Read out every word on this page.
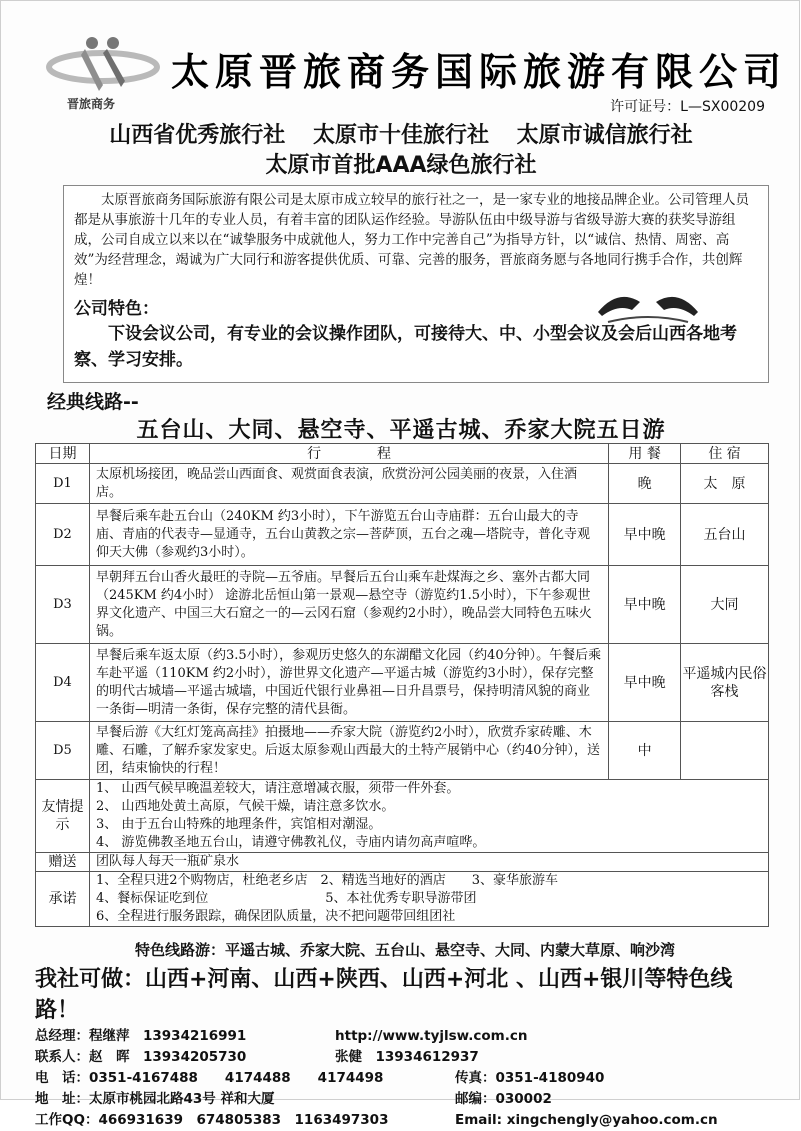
晋旅商务
太原晋旅商务国际旅游有限公司
许可证号：L—SX00209
山西省优秀旅行社 太原市十佳旅行社 太原市诚信旅行社
太原市首批AAA绿色旅行社
太原晋旅商务国际旅游有限公司是太原市成立较早的旅行社之一，是一家专业的地接品牌企业。公司管理人员都是从事旅游十几年的专业人员，有着丰富的团队运作经验。导游队伍由中级导游与省级导游大赛的获奖导游组成，公司自成立以来以在“诚挚服务中成就他人，努力工作中完善自己”为指导方针，以“诚信、热情、周密、高效”为经营理念，竭诚为广大同行和游客提供优质、可靠、完善的服务，晋旅商务愿与各地同行携手合作，共创辉煌！
公司特色：
下设会议公司，有专业的会议操作团队，可接待大、中、小型会议及会后山西各地考察、学习安排。
经典线路--
五台山、大同、悬空寺、平遥古城、乔家大院五日游
日期	行　　　　程	用 餐	住 宿
D1	太原机场接团，晚品尝山西面食、观赏面食表演，欣赏汾河公园美丽的夜景，入住酒店。	晚	太　原
D2	早餐后乘车赴五台山（240KM 约3小时），下午游览五台山寺庙群：五台山最大的寺庙、青庙的代表寺—显通寺，五台山黄教之宗—菩萨顶，五台之魂—塔院寺，普化寺观仰天大佛（参观约3小时）。	早中晚	五台山
D3	早朝拜五台山香火最旺的寺院—五爷庙。早餐后五台山乘车赴煤海之乡、塞外古都大同（245KM 约4小时） 途游北岳恒山第一景观—悬空寺（游览约1.5小时），下午参观世界文化遗产、中国三大石窟之一的—云冈石窟（参观约2小时），晚品尝大同特色五味火锅。	早中晚	大同
D4	早餐后乘车返太原（约3.5小时），参观历史悠久的东湖醋文化园（约40分钟）。午餐后乘车赴平遥（110KM 约2小时），游世界文化遗产—平遥古城（游览约3小时），保存完整的明代古城墙—平遥古城墙，中国近代银行业鼻祖—日升昌票号，保持明清风貌的商业一条街—明清一条街，保存完整的清代县衙。	早中晚	平遥城内民俗客栈
D5	早餐后游《大红灯笼高高挂》拍摄地——乔家大院（游览约2小时），欣赏乔家砖雕、木雕、石雕，了解乔家发家史。后返太原参观山西最大的土特产展销中心（约40分钟），送团，结束愉快的行程！	中	
友情提示	1、 山西气候早晚温差较大，请注意增减衣服，须带一件外套。
2、 山西地处黄土高原，气候干燥，请注意多饮水。
3、 由于五台山特殊的地理条件，宾馆相对潮湿。
4、 游览佛教圣地五台山，请遵守佛教礼仪，寺庙内请勿高声喧哗。		

赠送	团队每人每天一瓶矿泉水		
承诺	1、全程只进2个购物店，杜绝老乡店　2、精选当地好的酒店　　3、豪华旅游车
4、餐标保证吃到位　　　　　　　　　5、本社优秀专职导游带团
6、全程进行服务跟踪，确保团队质量，决不把问题带回组团社		
特色线路游：平遥古城、乔家大院、五台山、悬空寺、大同、内蒙大草原、响沙湾
我社可做：山西+河南、山西+陕西、山西+河北 、山西+银川等特色线路！
总经理：程继萍　13934216991	http://www.tyjlsw.com.cn
联系人：赵　晖　13934205730	张健　13934612937
电　话：0351-4167488　　4174488　　4174498	传真：0351-4180940
地　址：太原市桃园北路43号 祥和大厦	邮编：030002
工作QQ：466931639　674805383　1163497303	Email: xingchengly@yahoo.com.cn
